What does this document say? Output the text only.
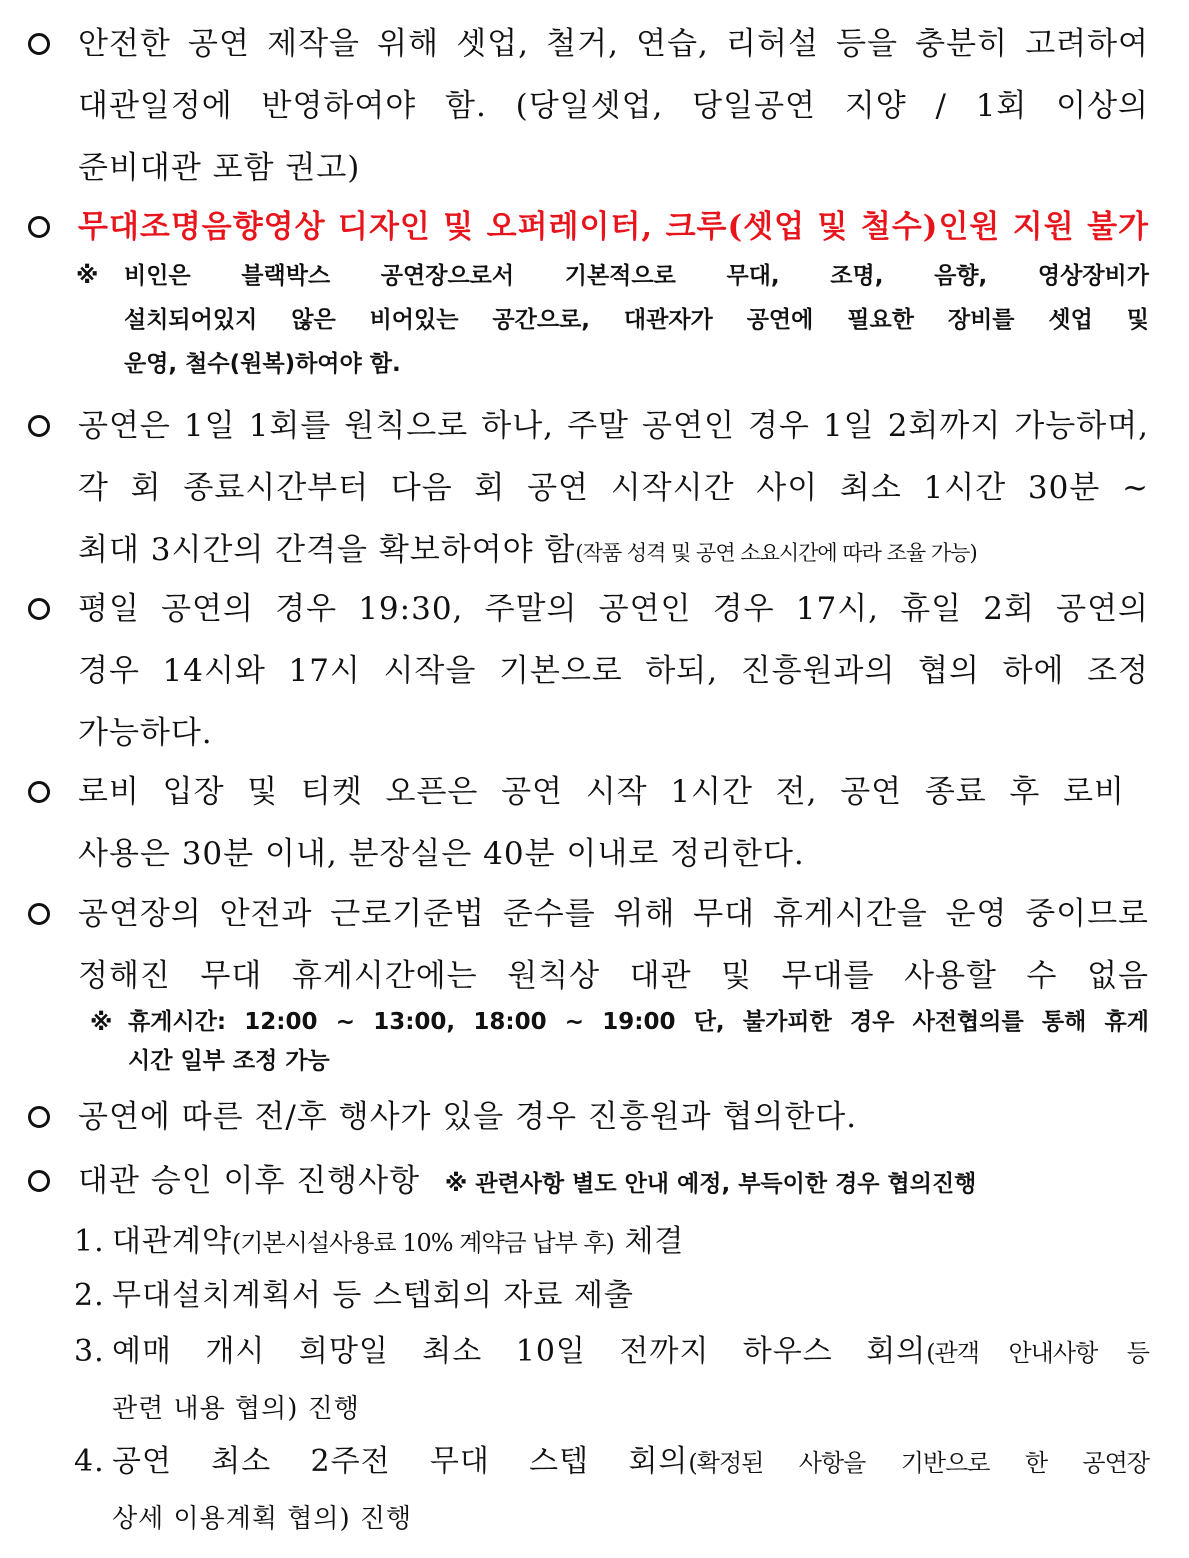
안전한 공연 제작을 위해 셋업, 철거, 연습, 리허설 등을 충분히 고려하여
대관일정에 반영하여야 함. (당일셋업, 당일공연 지양 / 1회 이상의
준비대관 포함 권고)
무대조명음향영상 디자인 및 오퍼레이터, 크루(셋업 및 철수)인원 지원 불가
※ 비인은 블랙박스 공연장으로서 기본적으로 무대, 조명, 음향, 영상장비가
설치되어있지 않은 비어있는 공간으로, 대관자가 공연에 필요한 장비를 셋업 및
운영, 철수(원복)하여야 함.
공연은 1일 1회를 원칙으로 하나, 주말 공연인 경우 1일 2회까지 가능하며,
각 회 종료시간부터 다음 회 공연 시작시간 사이 최소 1시간 30분 ~
최대 3시간의 간격을 확보하여야 함(작품 성격 및 공연 소요시간에 따라 조율 가능)
평일 공연의 경우 19:30, 주말의 공연인 경우 17시, 휴일 2회 공연의
경우 14시와 17시 시작을 기본으로 하되, 진흥원과의 협의 하에 조정
가능하다.
로비 입장 및 티켓 오픈은 공연 시작 1시간 전, 공연 종료 후 로비
사용은 30분 이내, 분장실은 40분 이내로 정리한다.
공연장의 안전과 근로기준법 준수를 위해 무대 휴게시간을 운영 중이므로
정해진 무대 휴게시간에는 원칙상 대관 및 무대를 사용할 수 없음
※ 휴게시간: 12:00 ~ 13:00, 18:00 ~ 19:00 단, 불가피한 경우 사전협의를 통해 휴게
시간 일부 조정 가능
공연에 따른 전/후 행사가 있을 경우 진흥원과 협의한다.
대관 승인 이후 진행사항 ※ 관련사항 별도 안내 예정, 부득이한 경우 협의진행
1. 대관계약(기본시설사용료 10% 계약금 납부 후) 체결
2. 무대설치계획서 등 스텝회의 자료 제출
3. 예매 개시 희망일 최소 10일 전까지 하우스 회의(관객 안내사항 등
관련 내용 협의) 진행
4. 공연 최소 2주전 무대 스텝 회의(확정된 사항을 기반으로 한 공연장
상세 이용계획 협의) 진행
